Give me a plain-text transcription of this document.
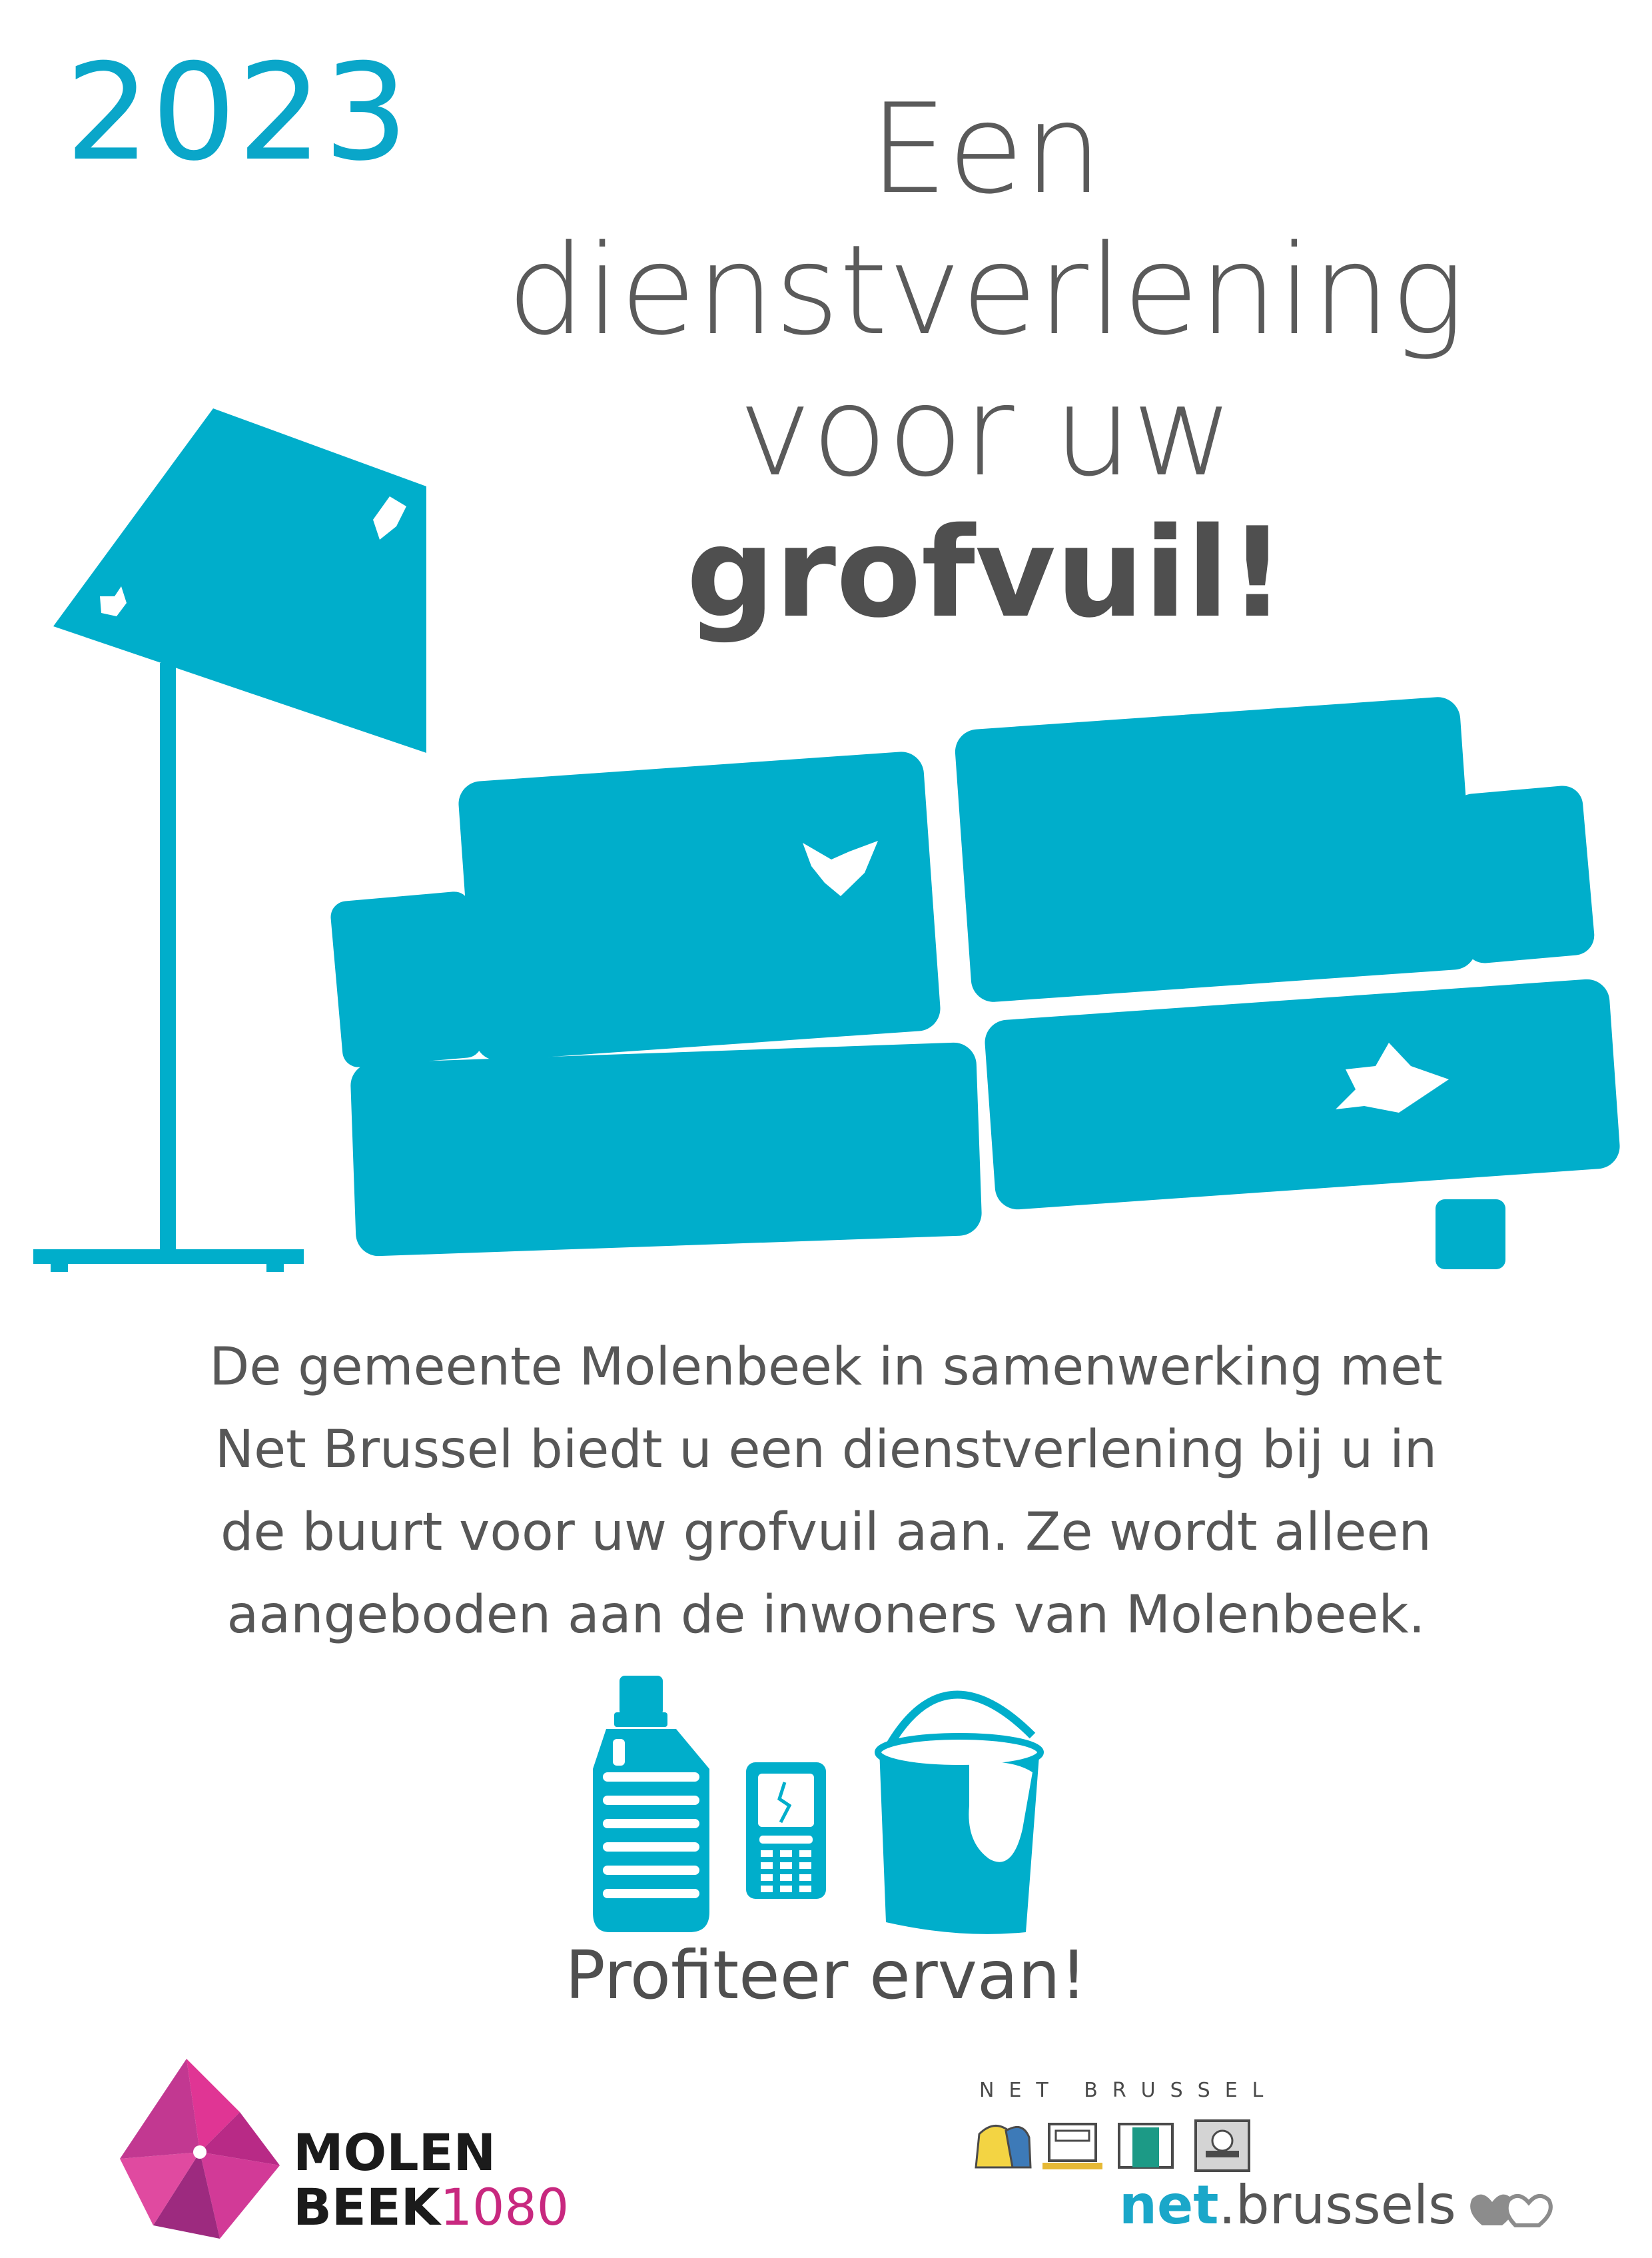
2023	Een
dienstverlening
voor uw
grofvuil!
De gemeente Molenbeek in samenwerking met
Net Brussel biedt u een dienstverlening bij u in
de buurt voor uw grofvuil aan. Ze wordt alleen
aangeboden aan de inwoners van Molenbeek.
Profiteer ervan!
MOLEN
BEEK1080
NET BRUSSEL
net.brussels
